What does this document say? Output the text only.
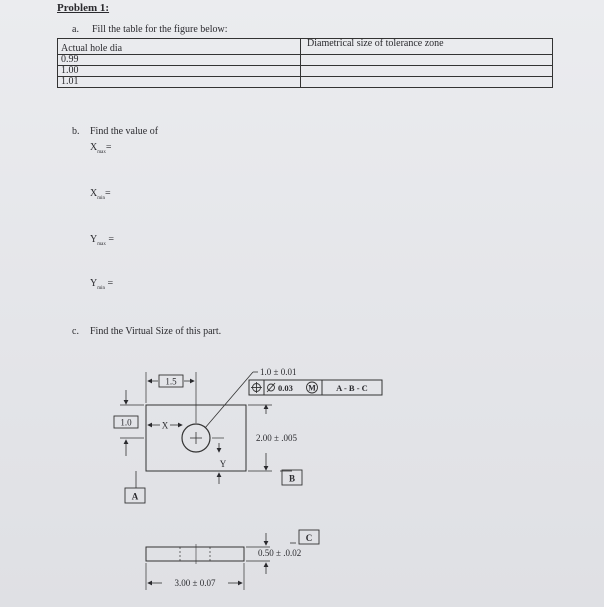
Problem 1:
a. Fill the table for the figure below:
Actual hole dia	Diametrical size of tolerance zone
0.99	
1.00	
1.01	
b. Find the value of
$X_{max}=$
$X_{min}=$
$Y_{max}$ =
$Y_{min}$ =
c. Find the Virtual Size of this part.
1.0 ± 0.01
0.03 M A - B - C
1.5
1.0	X
Y
2.00 ± .005
B
A
0.50 ± .0.02
C
3.00 ± 0.07
